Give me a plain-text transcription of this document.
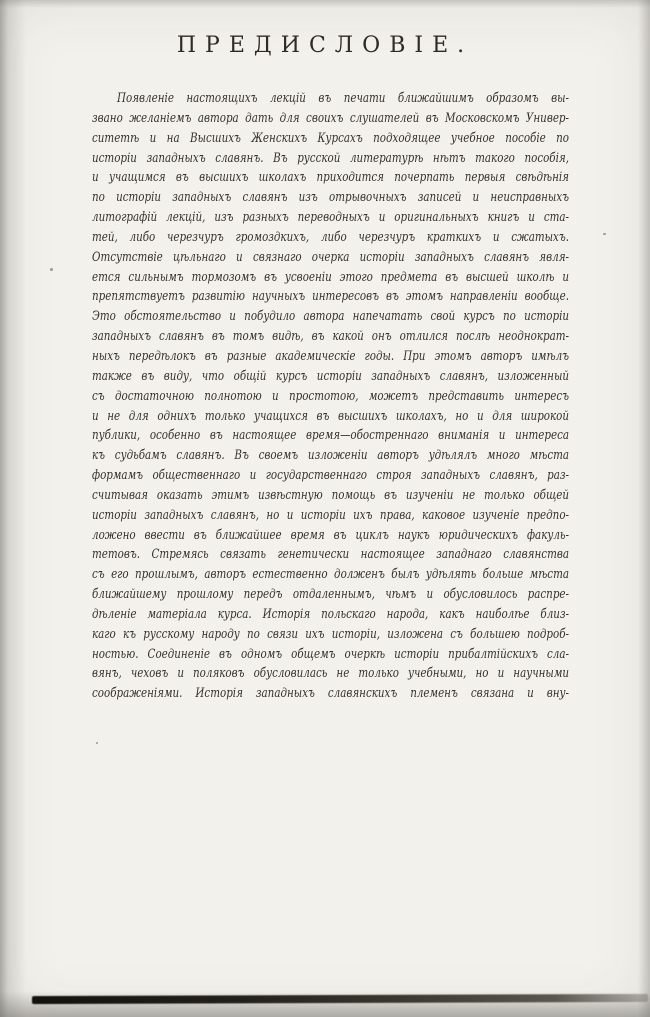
ПРЕДИСЛОВІЕ.
Появленіе настоящихъ лекцій въ печати ближайшимъ образомъ вы-
звано желаніемъ автора дать для своихъ слушателей въ Московскомъ Универ-
ситетѣ и на Высшихъ Женскихъ Курсахъ подходящее учебное пособіе по
исторіи западныхъ славянъ. Въ русской литературѣ нѣтъ такого пособія,
и учащимся въ высшихъ школахъ приходится почерпать первыя свѣдѣнія
по исторіи западныхъ славянъ изъ отрывочныхъ записей и неисправныхъ
литографій лекцій, изъ разныхъ переводныхъ и оригинальныхъ книгъ и ста-
тей, либо черезчуръ громоздкихъ, либо черезчуръ краткихъ и сжатыхъ.
Отсутствіе цѣльнаго и связнаго очерка исторіи западныхъ славянъ явля-
ется сильнымъ тормозомъ въ усвоеніи этого предмета въ высшей школѣ и
препятствуетъ развитію научныхъ интересовъ въ этомъ направленіи вообще.
Это обстоятельство и побудило автора напечатать свой курсъ по исторіи
западныхъ славянъ въ томъ видѣ, въ какой онъ отлился послѣ неоднократ-
ныхъ передѣлокъ въ разные академическіе годы. При этомъ авторъ имѣлъ
также въ виду, что общій курсъ исторіи западныхъ славянъ, изложенный
съ достаточною полнотою и простотою, можетъ представить интересъ
и не для однихъ только учащихся въ высшихъ школахъ, но и для широкой
публики, особенно въ настоящее время—обостреннаго вниманія и интереса
къ судьбамъ славянъ. Въ своемъ изложеніи авторъ удѣлялъ много мѣста
формамъ общественнаго и государственнаго строя западныхъ славянъ, раз-
считывая оказать этимъ извѣстную помощь въ изученіи не только общей
исторіи западныхъ славянъ, но и исторіи ихъ права, каковое изученіе предпо-
ложено ввести въ ближайшее время въ циклъ наукъ юридическихъ факуль-
тетовъ. Стремясь связать генетически настоящее западнаго славянства
съ его прошлымъ, авторъ естественно долженъ былъ удѣлять больше мѣста
ближайшему прошлому передъ отдаленнымъ, чѣмъ и обусловилось распре-
дѣленіе матеріала курса. Исторія польскаго народа, какъ наиболѣе близ-
каго къ русскому народу по связи ихъ исторіи, изложена съ большею подроб-
ностью. Соединеніе въ одномъ общемъ очеркѣ исторіи прибалтійскихъ сла-
вянъ, чеховъ и поляковъ обусловилась не только учебными, но и научными
соображеніями. Исторія западныхъ славянскихъ племенъ связана и вну-
